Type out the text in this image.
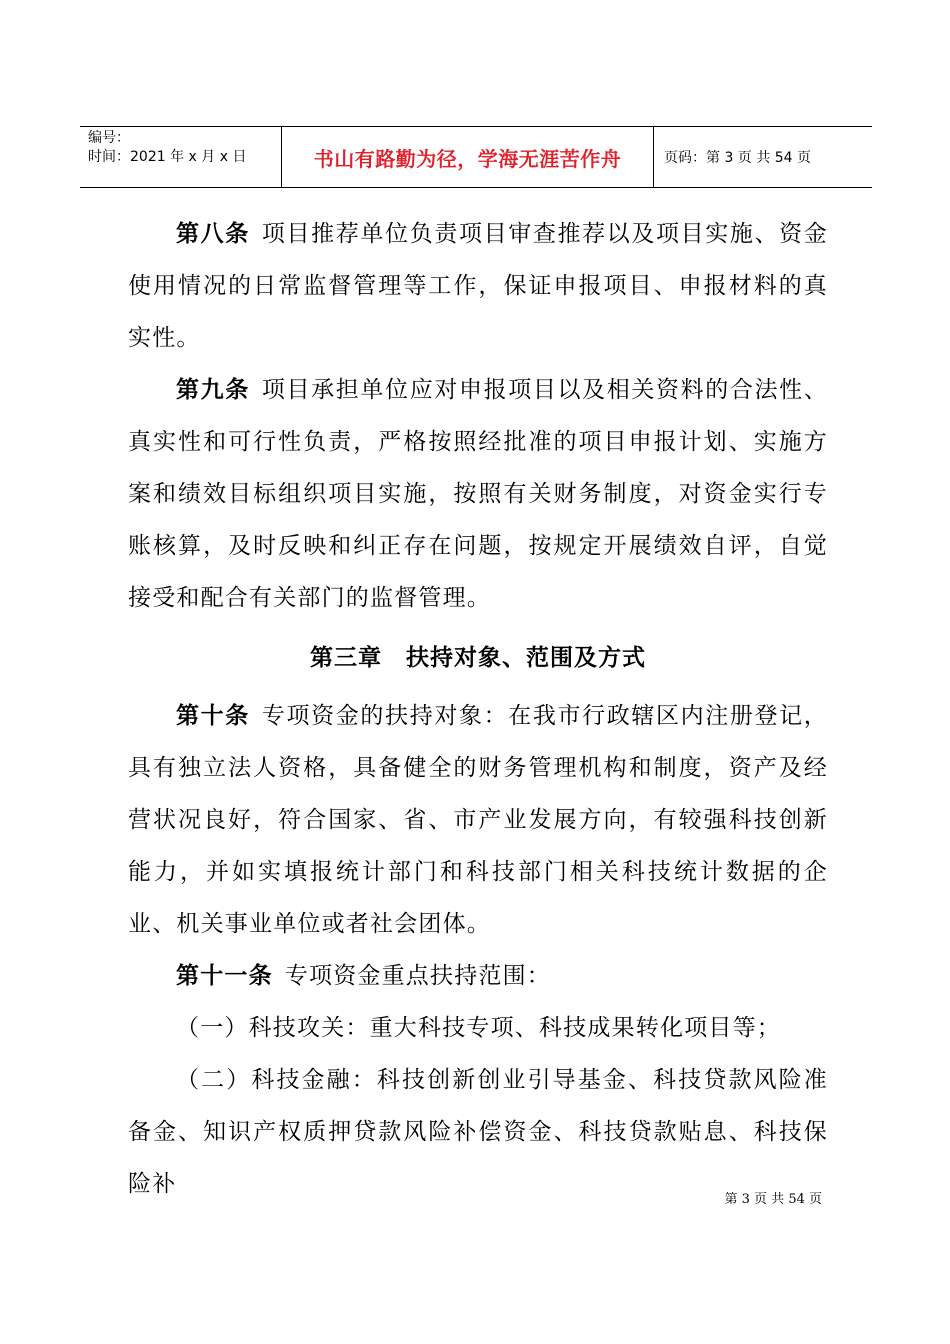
编号：
时间：2021 年 x 月 x 日	书山有路勤为径，学海无涯苦作舟	页码：第 3 页 共 54 页

第八条 项目推荐单位负责项目审查推荐以及项目实施、资金使用情况的日常监督管理等工作，保证申报项目、申报材料的真实性。

第九条 项目承担单位应对申报项目以及相关资料的合法性、真实性和可行性负责，严格按照经批准的项目申报计划、实施方案和绩效目标组织项目实施，按照有关财务制度，对资金实行专账核算，及时反映和纠正存在问题，按规定开展绩效自评，自觉接受和配合有关部门的监督管理。

第三章　扶持对象、范围及方式

第十条 专项资金的扶持对象：在我市行政辖区内注册登记，具有独立法人资格，具备健全的财务管理机构和制度，资产及经营状况良好，符合国家、省、市产业发展方向，有较强科技创新能力，并如实填报统计部门和科技部门相关科技统计数据的企业、机关事业单位或者社会团体。

第十一条 专项资金重点扶持范围：

（一）科技攻关：重大科技专项、科技成果转化项目等；

（二）科技金融：科技创新创业引导基金、科技贷款风险准备金、知识产权质押贷款风险补偿资金、科技贷款贴息、科技保险补

第 3 页 共 54 页
